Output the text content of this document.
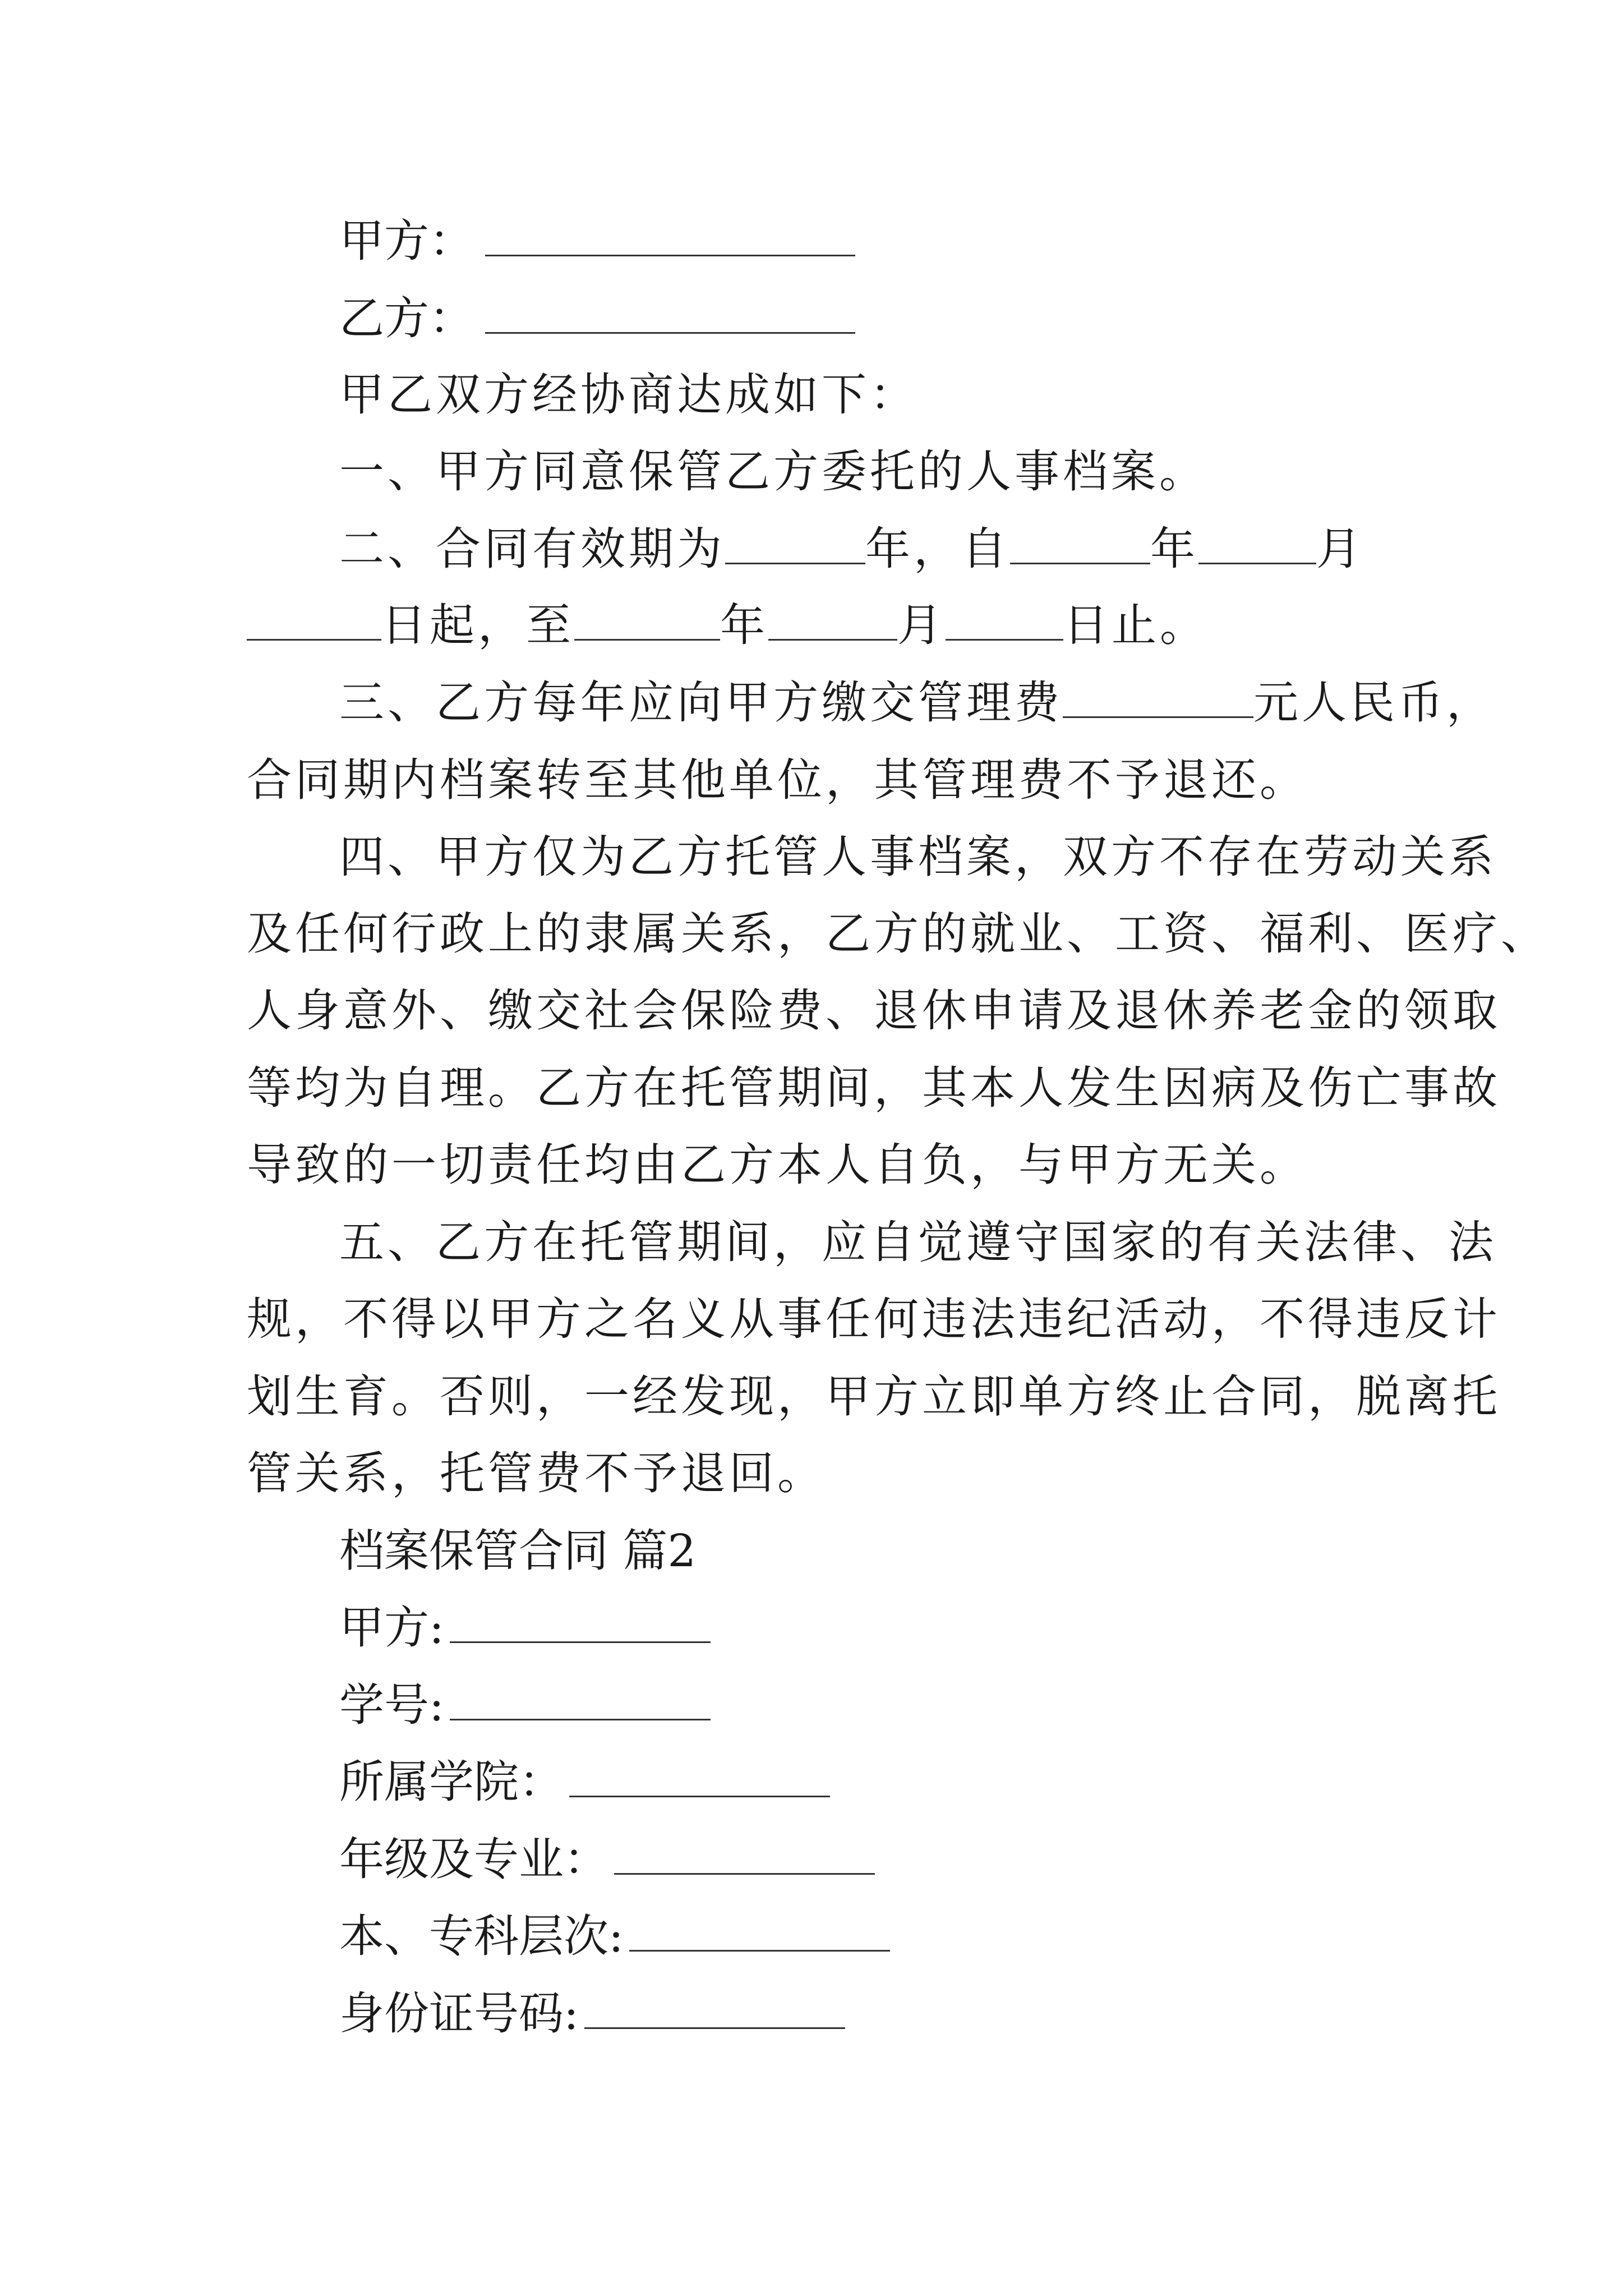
甲方：
乙方：
甲乙双方经协商达成如下：
一、甲方同意保管乙方委托的人事档案。
二、合同有效期为	年，自	年	月
日起，至	年	月	日止。
三、乙方每年应向甲方缴交管理费	元人民币，
合同期内档案转至其他单位，其管理费不予退还。
四、甲方仅为乙方托管人事档案，双方不存在劳动关系
及任何行政上的隶属关系，乙方的就业、工资、福利、医疗、
人身意外、缴交社会保险费、退休申请及退休养老金的领取
等均为自理。乙方在托管期间，其本人发生因病及伤亡事故
导致的一切责任均由乙方本人自负，与甲方无关。
五、乙方在托管期间，应自觉遵守国家的有关法律、法
规，不得以甲方之名义从事任何违法违纪活动，不得违反计
划生育。否则，一经发现，甲方立即单方终止合同，脱离托
管关系，托管费不予退回。
档案保管合同 篇2
甲方:
学号:
所属学院：
年级及专业：
本、专科层次:
身份证号码:
